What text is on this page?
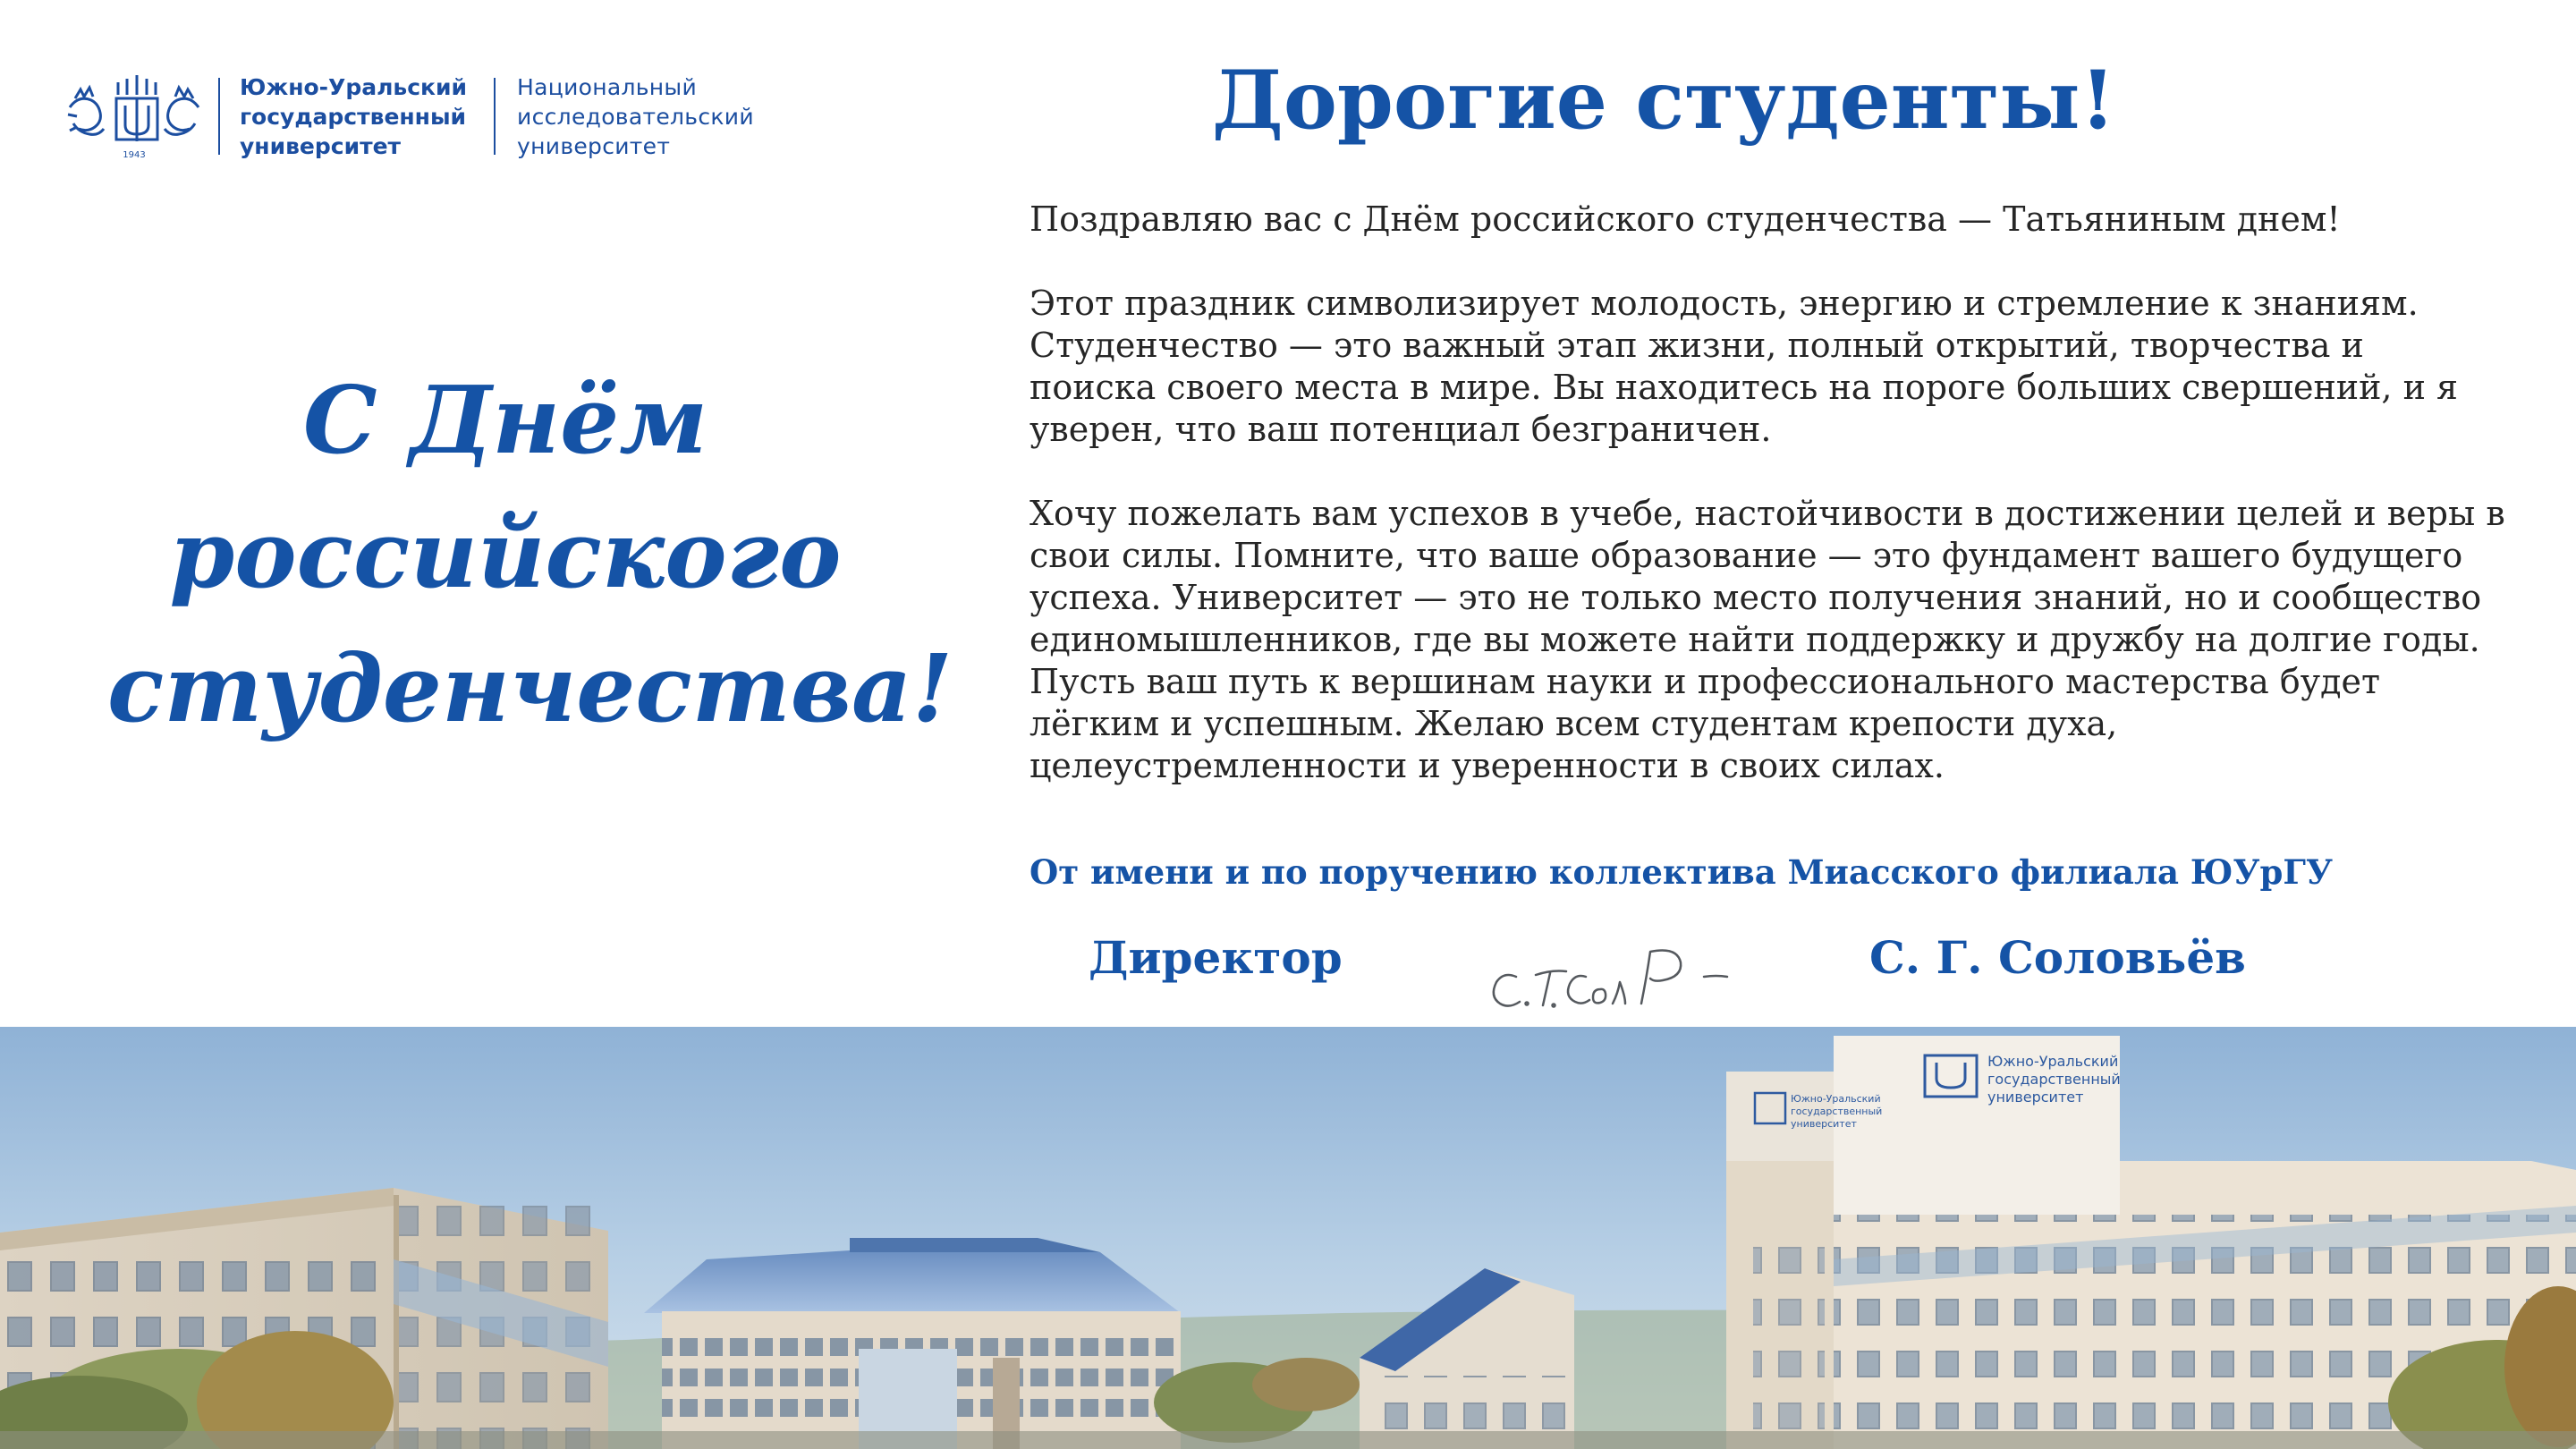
1943
Южно-Уральский
государственный
университет
Национальный
исследовательский
университет
С Днём
российского
студенчества!
Дорогие студенты!

Поздравляю вас с Днём российского студенчества — Татьяниным днем!

Этот праздник символизирует молодость, энергию и стремление к знаниям.

Студенчество — это важный этап жизни, полный открытий, творчества и

поиска своего места в мире. Вы находитесь на пороге больших свершений, и я

уверен, что ваш потенциал безграничен.

Хочу пожелать вам успехов в учебе, настойчивости в достижении целей и веры в

свои силы. Помните, что ваше образование — это фундамент вашего будущего

успеха. Университет — это не только место получения знаний, но и сообщество

единомышленников, где вы можете найти поддержку и дружбу на долгие годы.

Пусть ваш путь к вершинам науки и профессионального мастерства будет

лёгким и успешным. Желаю всем студентам крепости духа,

целеустремленности и уверенности в своих силах.

От имени и по поручению коллектива Миасского филиала ЮУрГУ
Директор	С. Г. Соловьёв
Южно-Уральский
государственный
университет
Южно-Уральский
государственный
университет
